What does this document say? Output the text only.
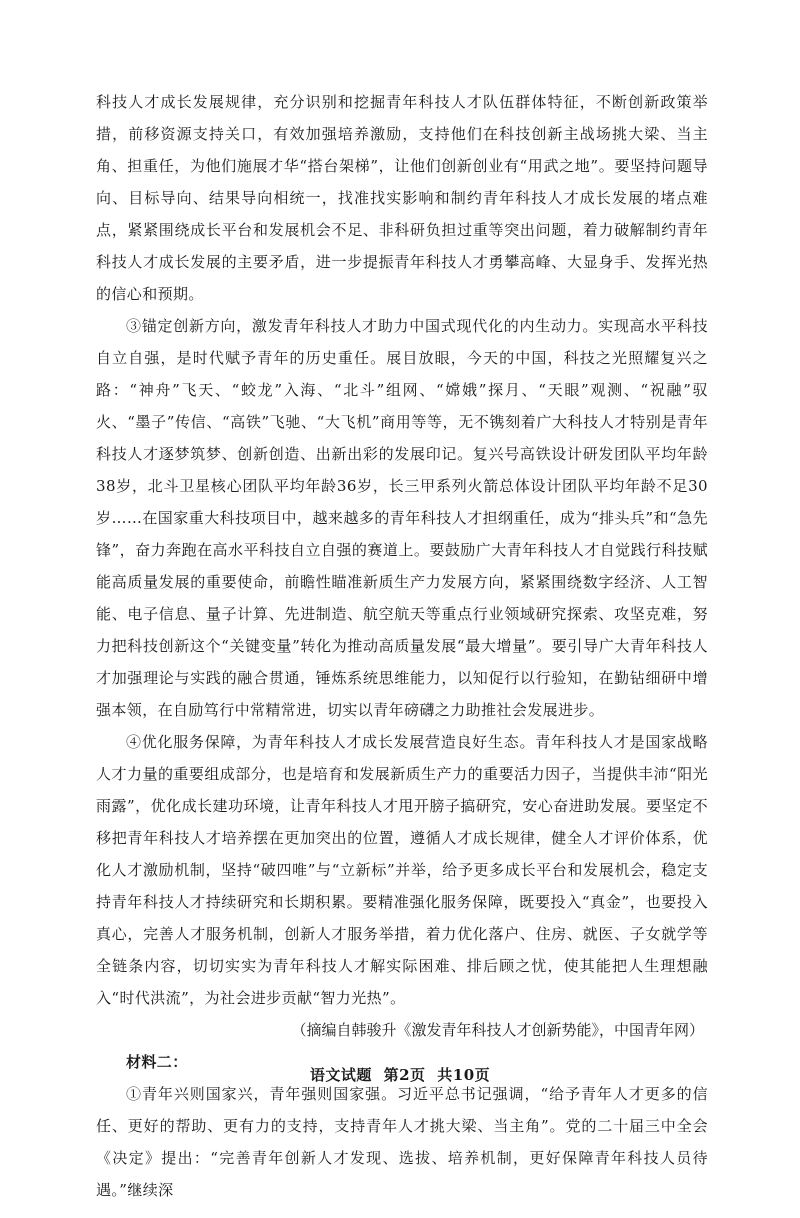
科技人才成长发展规律，充分识别和挖掘青年科技人才队伍群体特征，不断创新政策举措，前移资源支持关口，有效加强培养激励，支持他们在科技创新主战场挑大梁、当主角、担重任，为他们施展才华“搭台架梯”，让他们创新创业有“用武之地”。要坚持问题导向、目标导向、结果导向相统一，找准找实影响和制约青年科技人才成长发展的堵点难点，紧紧围绕成长平台和发展机会不足、非科研负担过重等突出问题，着力破解制约青年科技人才成长发展的主要矛盾，进一步提振青年科技人才勇攀高峰、大显身手、发挥光热的信心和预期。

③锚定创新方向，激发青年科技人才助力中国式现代化的内生动力。实现高水平科技自立自强，是时代赋予青年的历史重任。展目放眼，今天的中国，科技之光照耀复兴之路：“神舟”飞天、“蛟龙”入海、“北斗”组网、“嫦娥”探月、“天眼”观测、“祝融”驭火、“墨子”传信、“高铁”飞驰、“大飞机”商用等等，无不镌刻着广大科技人才特别是青年科技人才逐梦筑梦、创新创造、出新出彩的发展印记。复兴号高铁设计研发团队平均年龄38岁，北斗卫星核心团队平均年龄36岁，长三甲系列火箭总体设计团队平均年龄不足30岁……在国家重大科技项目中，越来越多的青年科技人才担纲重任，成为“排头兵”和“急先锋”，奋力奔跑在高水平科技自立自强的赛道上。要鼓励广大青年科技人才自觉践行科技赋能高质量发展的重要使命，前瞻性瞄准新质生产力发展方向，紧紧围绕数字经济、人工智能、电子信息、量子计算、先进制造、航空航天等重点行业领域研究探索、攻坚克难，努力把科技创新这个“关键变量”转化为推动高质量发展“最大增量”。要引导广大青年科技人才加强理论与实践的融合贯通，锤炼系统思维能力，以知促行以行验知，在勤钻细研中增强本领，在自励笃行中常精常进，切实以青年磅礴之力助推社会发展进步。

④优化服务保障，为青年科技人才成长发展营造良好生态。青年科技人才是国家战略人才力量的重要组成部分，也是培育和发展新质生产力的重要活力因子，当提供丰沛“阳光雨露”，优化成长建功环境，让青年科技人才甩开膀子搞研究，安心奋进助发展。要坚定不移把青年科技人才培养摆在更加突出的位置，遵循人才成长规律，健全人才评价体系，优化人才激励机制，坚持“破四唯”与“立新标”并举，给予更多成长平台和发展机会，稳定支持青年科技人才持续研究和长期积累。要精准强化服务保障，既要投入“真金”，也要投入真心，完善人才服务机制，创新人才服务举措，着力优化落户、住房、就医、子女就学等全链条内容，切切实实为青年科技人才解实际困难、排后顾之忧，使其能把人生理想融入“时代洪流”，为社会进步贡献“智力光热”。

（摘编自韩骏升《激发青年科技人才创新势能》，中国青年网）

材料二：

①青年兴则国家兴，青年强则国家强。习近平总书记强调，“给予青年人才更多的信任、更好的帮助、更有力的支持，支持青年人才挑大梁、当主角”。党的二十届三中全会《决定》提出：“完善青年创新人才发现、选拔、培养机制，更好保障青年科技人员待遇。”继续深

语文试题 第2页 共10页
